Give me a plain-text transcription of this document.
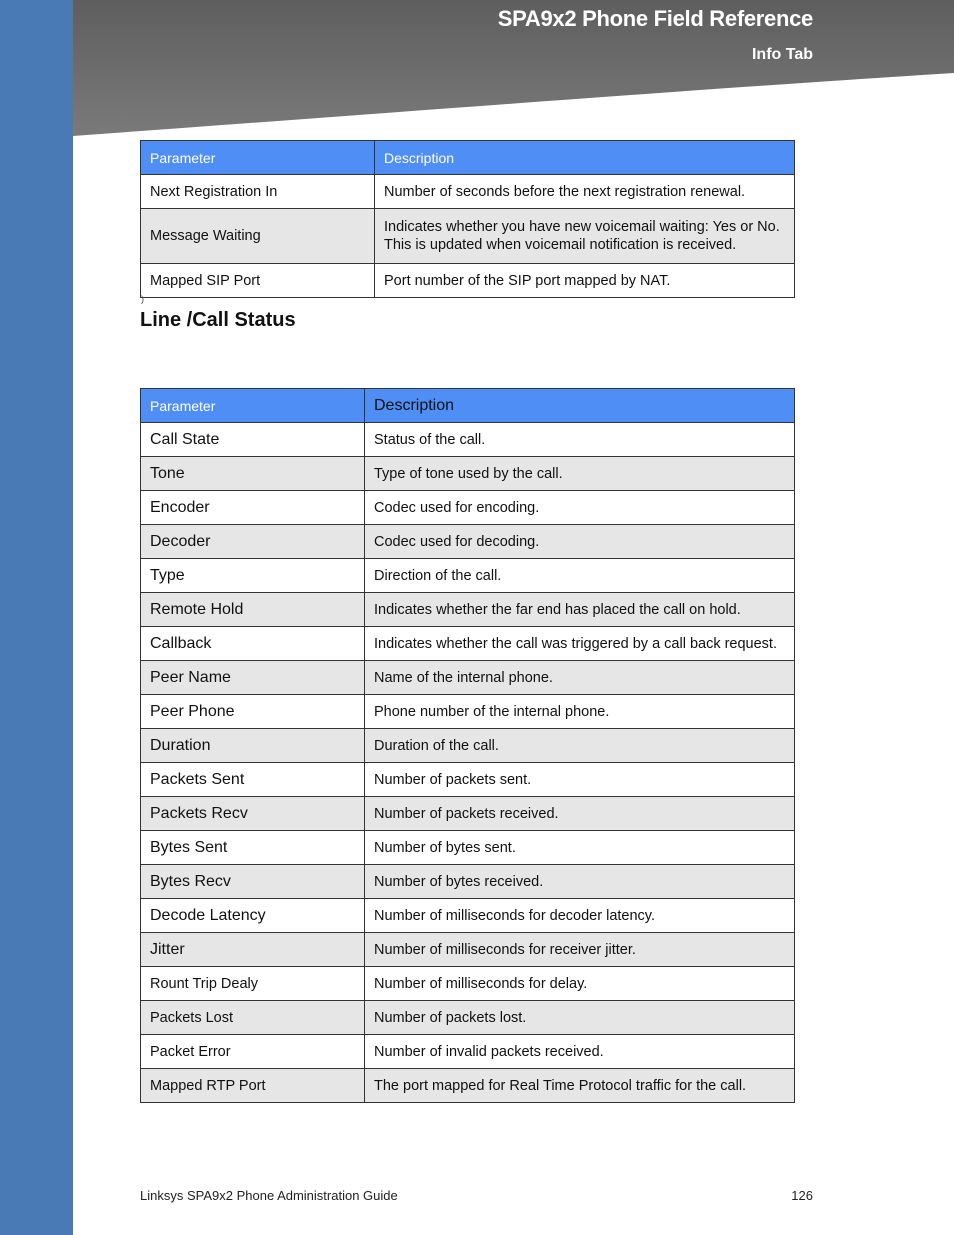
SPA9x2 Phone Field Reference
Info Tab
Parameter	Description
Next Registration In	Number of seconds before the next registration renewal.
Message Waiting	Indicates whether you have new voicemail waiting: Yes or No. This is updated when voicemail notification is received.
Mapped SIP Port	Port number of the SIP port mapped by NAT.
)
Line /Call Status
Parameter	Description
Call State	Status of the call.
Tone	Type of tone used by the call.
Encoder	Codec used for encoding.
Decoder	Codec used for decoding.
Type	Direction of the call.
Remote Hold	Indicates whether the far end has placed the call on hold.
Callback	Indicates whether the call was triggered by a call back request.
Peer Name	Name of the internal phone.
Peer Phone	Phone number of the internal phone.
Duration	Duration of the call.
Packets Sent	Number of packets sent.
Packets Recv	Number of packets received.
Bytes Sent	Number of bytes sent.
Bytes Recv	Number of bytes received.
Decode Latency	Number of milliseconds for decoder latency.
Jitter	Number of milliseconds for receiver jitter.
Rount Trip Dealy	Number of milliseconds for delay.
Packets Lost	Number of packets lost.
Packet Error	Number of invalid packets received.
Mapped RTP Port	The port mapped for Real Time Protocol traffic for the call.
Linksys SPA9x2 Phone Administration Guide	126
